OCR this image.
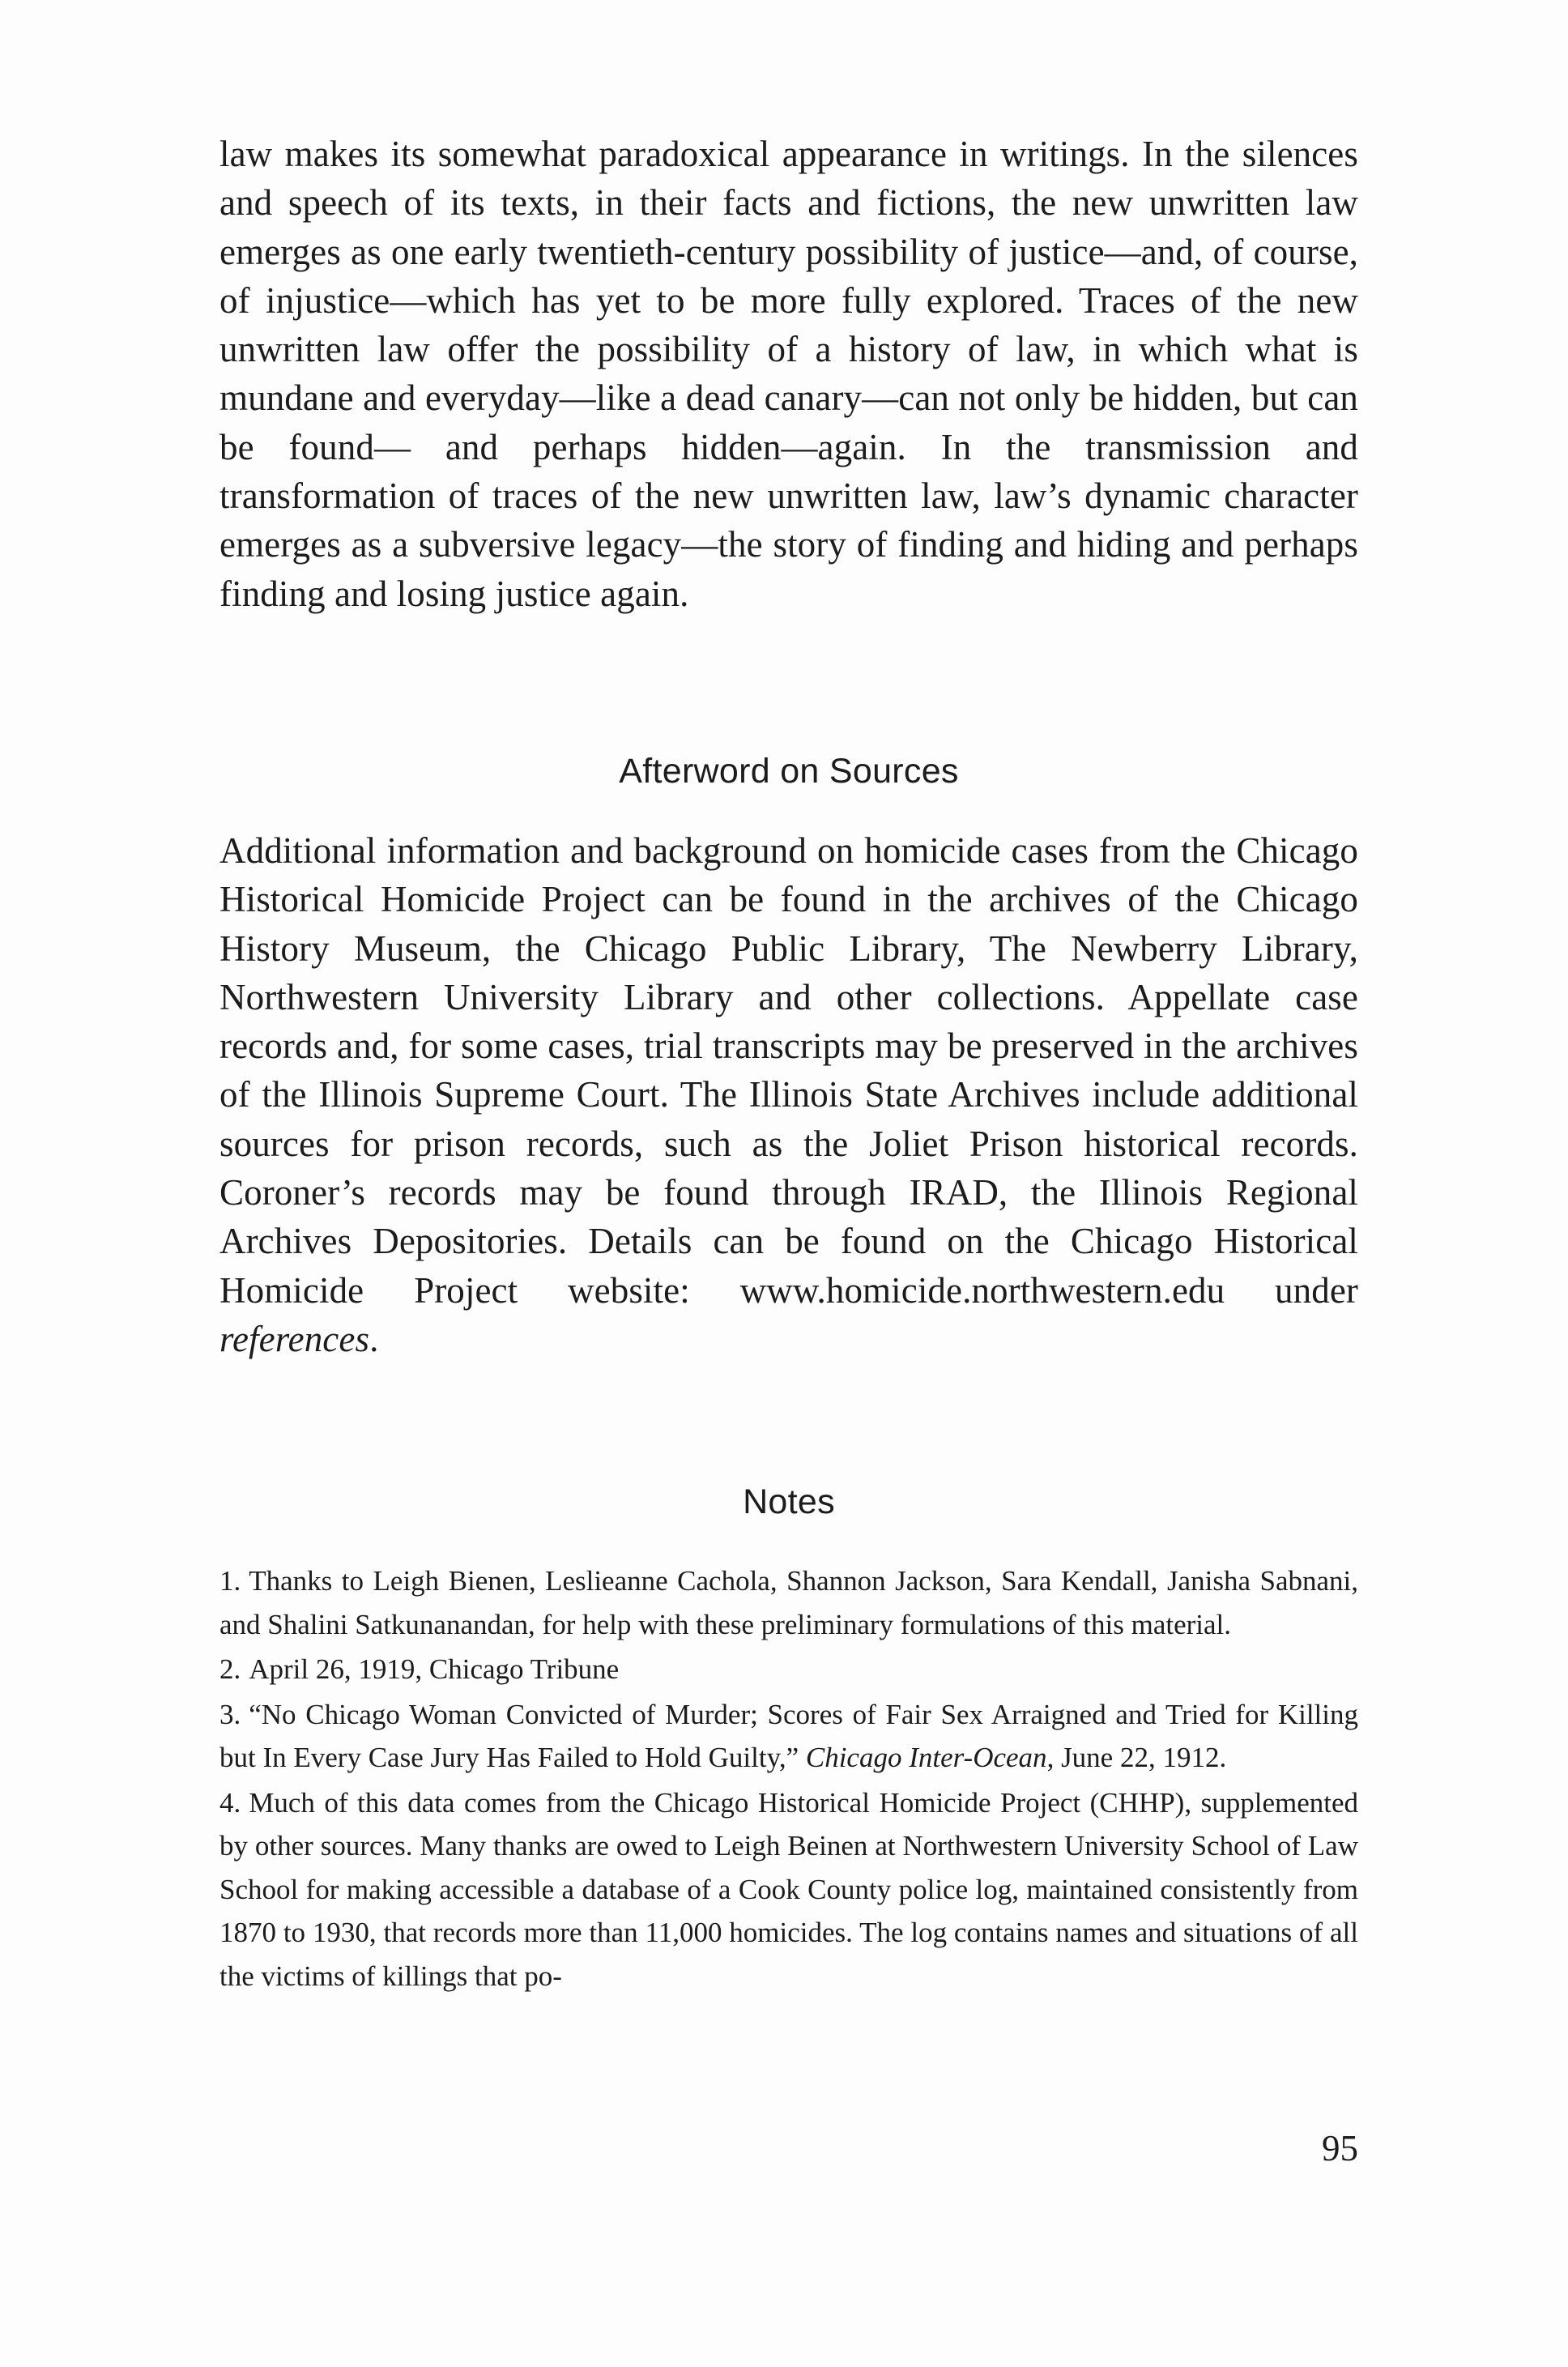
law makes its somewhat paradoxical appearance in writings. In the silences and speech of its texts, in their facts and fictions, the new unwritten law emerges as one early twentieth-century possibility of justice—and, of course, of injustice—which has yet to be more fully explored. Traces of the new unwritten law offer the possibility of a history of law, in which what is mundane and everyday—like a dead canary—can not only be hidden, but can be found— and perhaps hidden—again. In the transmission and transformation of traces of the new unwritten law, law’s dynamic character emerges as a subversive legacy—the story of finding and hiding and perhaps finding and losing justice again.

Afterword on Sources

Additional information and background on homicide cases from the Chicago Historical Homicide Project can be found in the archives of the Chicago History Museum, the Chicago Public Library, The Newberry Library, Northwestern University Library and other collections. Appellate case records and, for some cases, trial transcripts may be preserved in the archives of the Illinois Supreme Court. The Illinois State Archives include additional sources for prison records, such as the Joliet Prison historical records. Coroner’s records may be found through IRAD, the Illinois Regional Archives Depositories. Details can be found on the Chicago Historical Homicide Project website: www.homicide.northwestern.edu under references.

Notes
1. Thanks to Leigh Bienen, Leslieanne Cachola, Shannon Jackson, Sara Kendall, Janisha Sabnani, and Shalini Satkunanandan, for help with these preliminary formulations of this material.
2. April 26, 1919, Chicago Tribune
3. “No Chicago Woman Convicted of Murder; Scores of Fair Sex Arraigned and Tried for Killing but In Every Case Jury Has Failed to Hold Guilty,” Chicago Inter-Ocean, June 22, 1912.
4. Much of this data comes from the Chicago Historical Homicide Project (CHHP), supplemented by other sources. Many thanks are owed to Leigh Beinen at Northwestern University School of Law School for making accessible a database of a Cook County police log, maintained consistently from 1870 to 1930, that records more than 11,000 homicides. The log contains names and situations of all the victims of killings that po-

95
